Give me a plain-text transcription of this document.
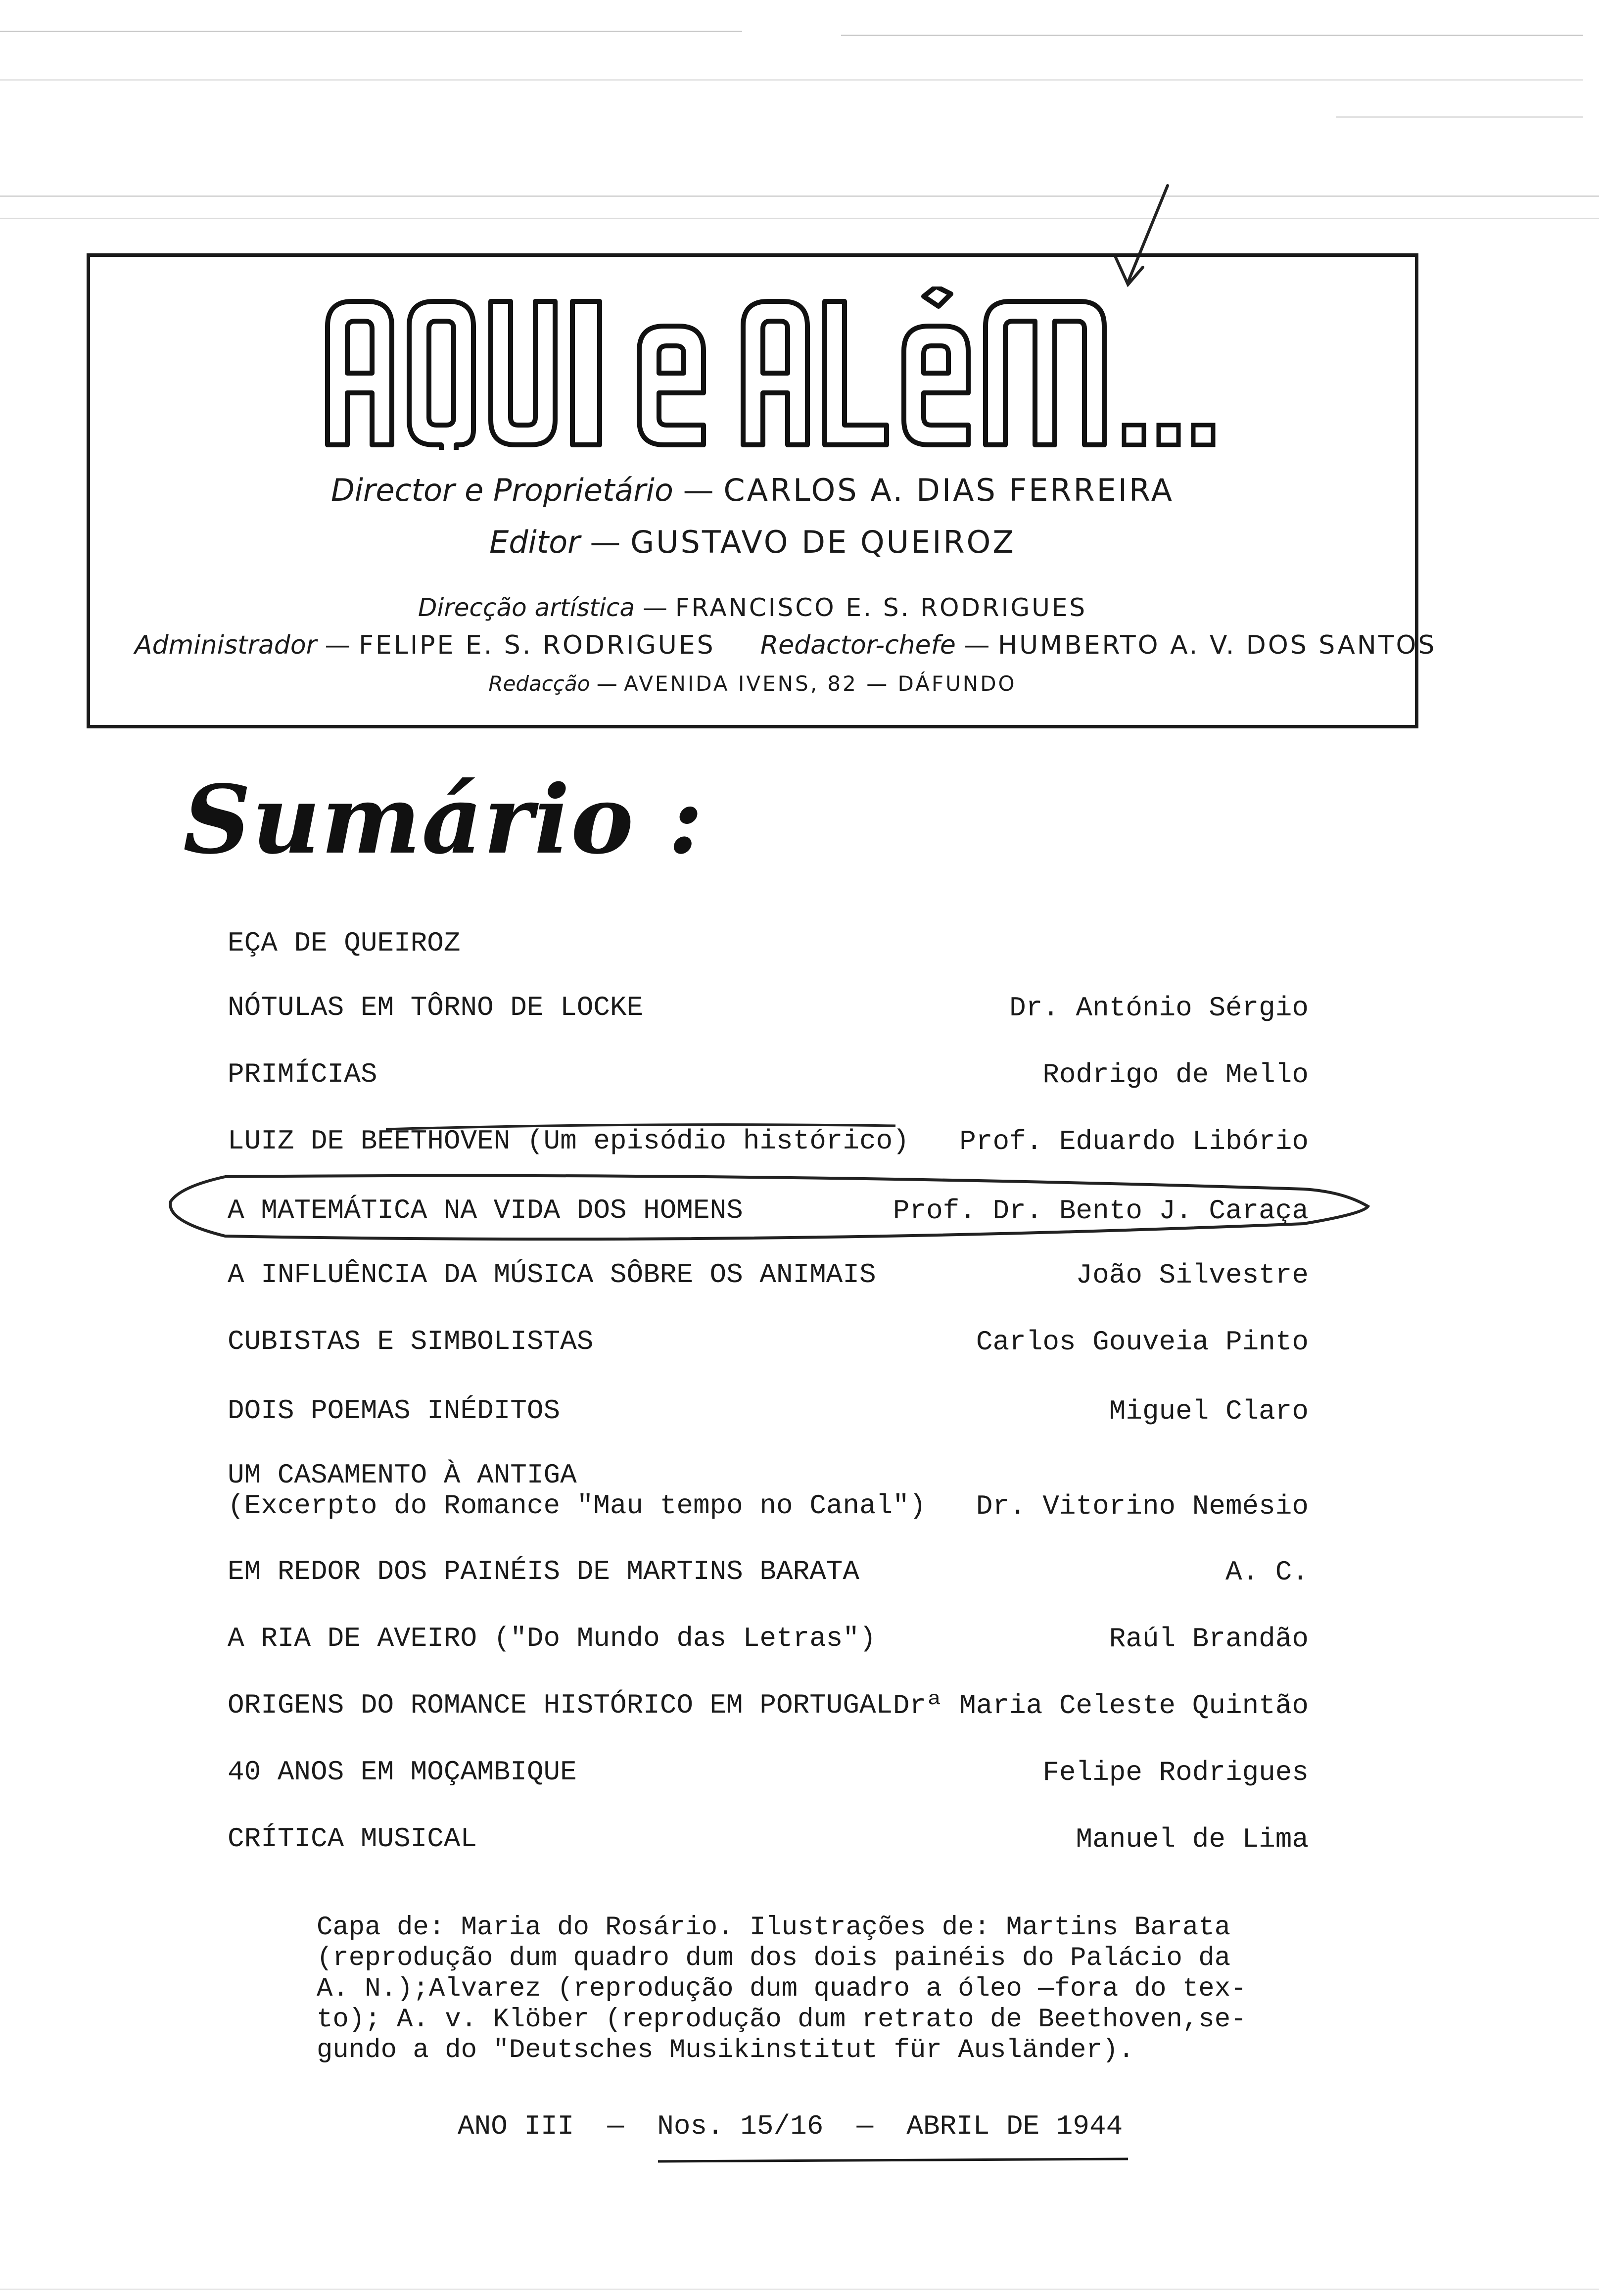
Director e Proprietário — CARLOS A. DIAS FERREIRA
Editor — GUSTAVO DE QUEIROZ
Direcção artística — FRANCISCO E. S. RODRIGUES
Administrador — FELIPE E. S. RODRIGUES Redactor-chefe — HUMBERTO A. V. DOS SANTOS
Redacção — AVENIDA IVENS, 82 — DÁFUNDO
Sumário :
EÇA DE QUEIROZ
NÓTULAS EM TÔRNO DE LOCKE	Dr. António Sérgio
PRIMÍCIAS	Rodrigo de Mello
LUIZ DE BEETHOVEN (Um episódio histórico) Prof. Eduardo Libório
A MATEMÁTICA NA VIDA DOS HOMENS	Prof. Dr. Bento J. Caraça
A INFLUÊNCIA DA MÚSICA SÔBRE OS ANIMAIS	João Silvestre
CUBISTAS E SIMBOLISTAS	Carlos Gouveia Pinto
DOIS POEMAS INÉDITOS	Miguel Claro
UM CASAMENTO À ANTIGA
(Excerpto do Romance "Mau tempo no Canal") Dr. Vitorino Nemésio
EM REDOR DOS PAINÉIS DE MARTINS BARATA	A. C.
A RIA DE AVEIRO ("Do Mundo das Letras")	Raúl Brandão
ORIGENS DO ROMANCE HISTÓRICO EM PORTUGAL Drª Maria Celeste Quintão
40 ANOS EM MOÇAMBIQUE	Felipe Rodrigues
CRÍTICA MUSICAL	Manuel de Lima
Capa de: Maria do Rosário. Ilustrações de: Martins Barata
(reprodução dum quadro dum dos dois painéis do Palácio da
A. N.);Alvarez (reprodução dum quadro a óleo —fora do tex-
to); A. v. Klöber (reprodução dum retrato de Beethoven,se-
gundo a do "Deutsches Musikinstitut für Ausländer).
ANO III  —  Nos. 15/16  —  ABRIL DE 1944
